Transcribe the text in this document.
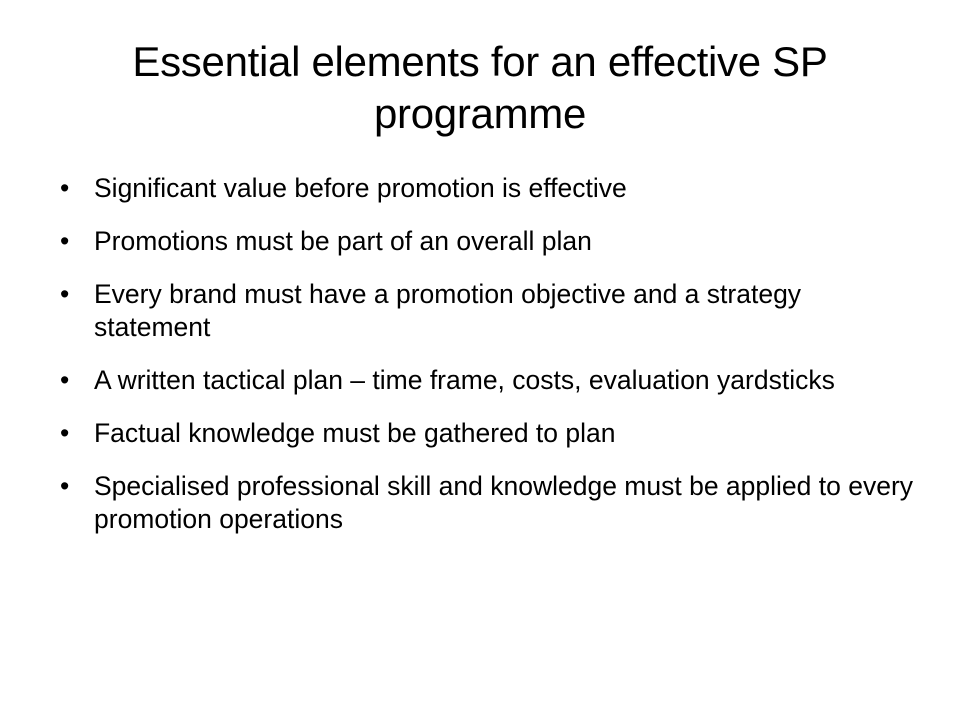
Essential elements for an effective SP programme
• Significant value before promotion is effective
• Promotions must be part of an overall plan
• Every brand must have a promotion objective and a strategy statement
• A written tactical plan – time frame, costs, evaluation yardsticks
• Factual knowledge must be gathered to plan
• Specialised professional skill and knowledge must be applied to every promotion operations
